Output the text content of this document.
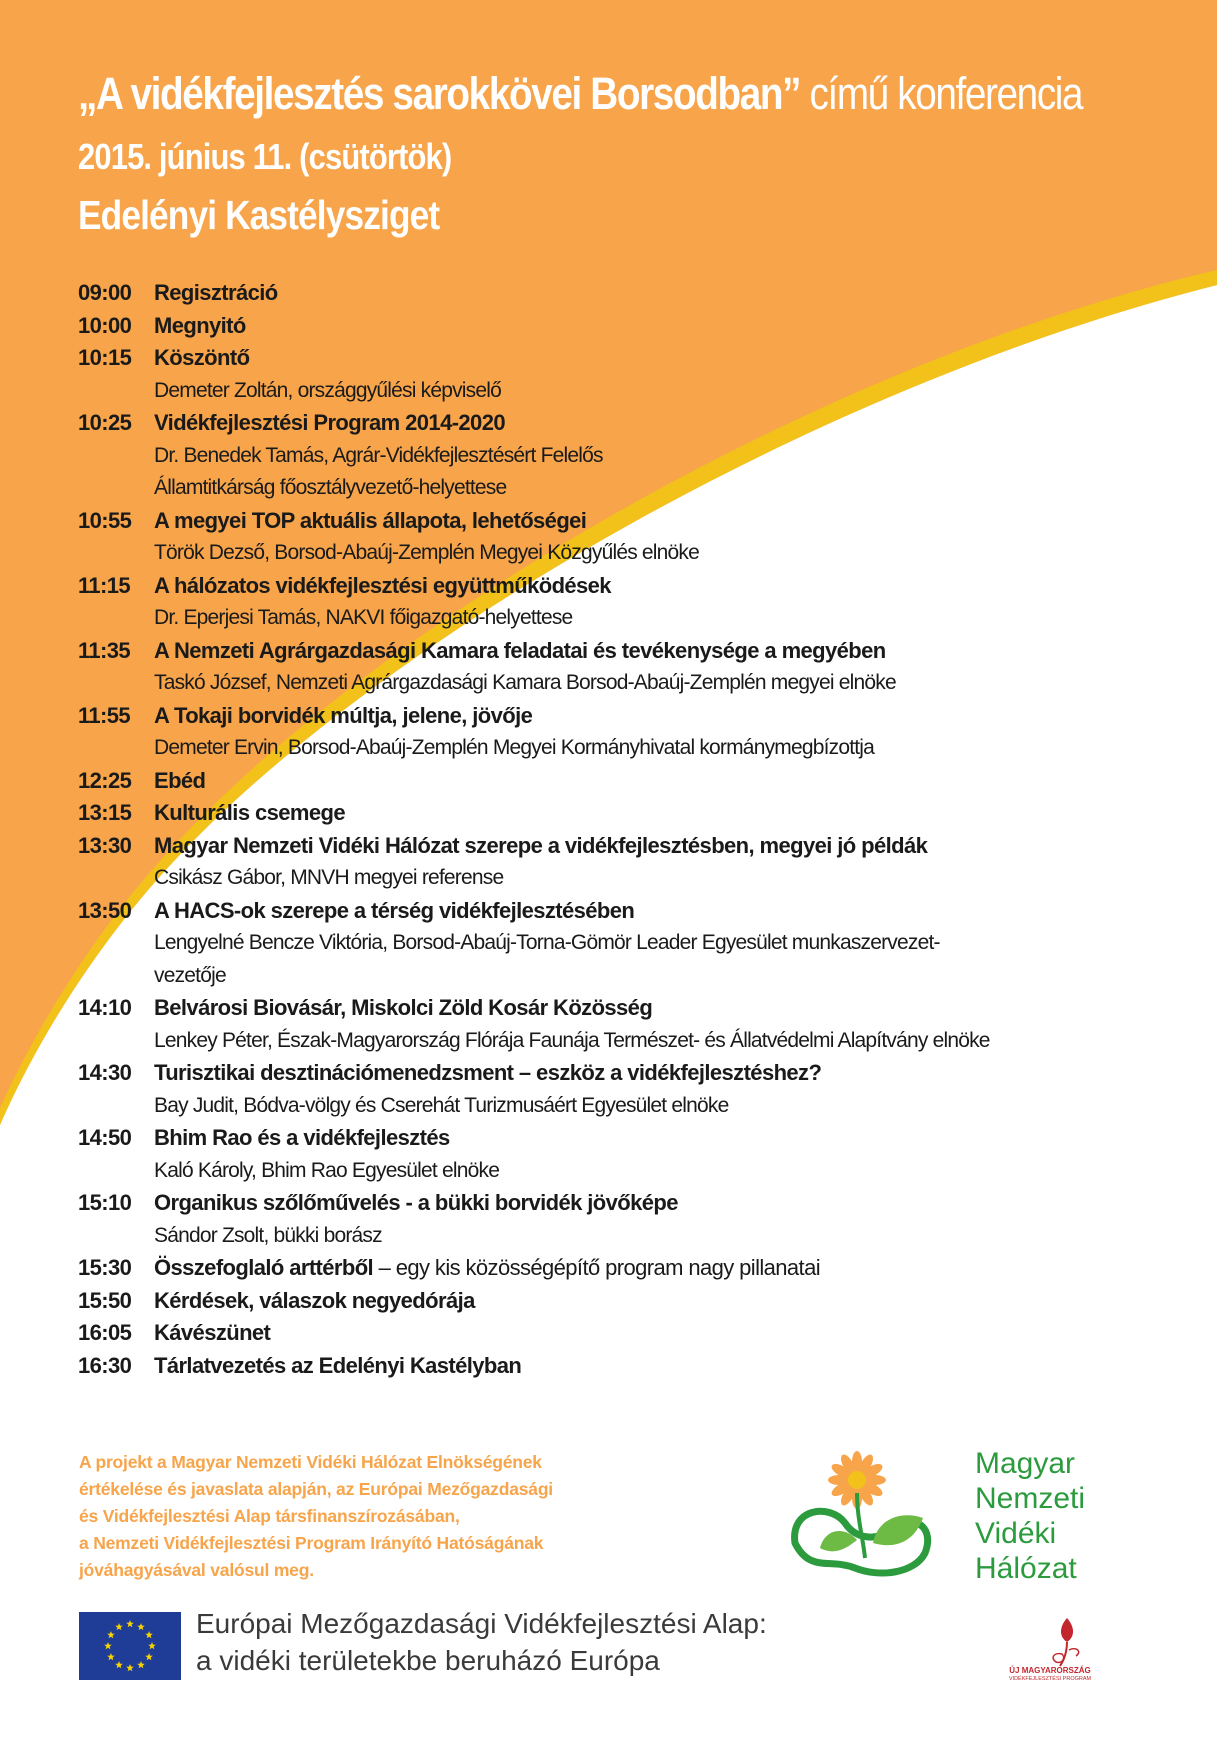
„A vidékfejlesztés sarokkövei Borsodban” című konferencia
2015. június 11. (csütörtök)
Edelényi Kastélysziget
09:00	Regisztráció
10:00	Megnyitó
10:15	Köszöntő
Demeter Zoltán, országgyűlési képviselő
10:25	Vidékfejlesztési Program 2014-2020
Dr. Benedek Tamás, Agrár-Vidékfejlesztésért Felelős
Államtitkárság főosztályvezető-helyettese
10:55	A megyei TOP aktuális állapota, lehetőségei
Török Dezső, Borsod-Abaúj-Zemplén Megyei Közgyűlés elnöke
11:15	A hálózatos vidékfejlesztési együttműködések
Dr. Eperjesi Tamás, NAKVI főigazgató-helyettese
11:35	A Nemzeti Agrárgazdasági Kamara feladatai és tevékenysége a megyében
Taskó József, Nemzeti Agrárgazdasági Kamara Borsod-Abaúj-Zemplén megyei elnöke
11:55	A Tokaji borvidék múltja, jelene, jövője
Demeter Ervin, Borsod-Abaúj-Zemplén Megyei Kormányhivatal kormánymegbízottja
12:25	Ebéd
13:15	Kulturális csemege
13:30	Magyar Nemzeti Vidéki Hálózat szerepe a vidékfejlesztésben, megyei jó példák
Csikász Gábor, MNVH megyei referense
13:50	A HACS-ok szerepe a térség vidékfejlesztésében
Lengyelné Bencze Viktória, Borsod-Abaúj-Torna-Gömör Leader Egyesület munkaszervezet-
vezetője
14:10	Belvárosi Biovásár, Miskolci Zöld Kosár Közösség
Lenkey Péter, Észak-Magyarország Flórája Faunája Természet- és Állatvédelmi Alapítvány elnöke
14:30	Turisztikai desztinációmenedzsment – eszköz a vidékfejlesztéshez?
Bay Judit, Bódva-völgy és Cserehát Turizmusáért Egyesület elnöke
14:50	Bhim Rao és a vidékfejlesztés
Kaló Károly, Bhim Rao Egyesület elnöke
15:10	Organikus szőlőművelés - a bükki borvidék jövőképe
Sándor Zsolt, bükki borász
15:30	Összefoglaló arttérből – egy kis közösségépítő program nagy pillanatai
15:50	Kérdések, válaszok negyedórája
16:05	Kávészünet
16:30	Tárlatvezetés az Edelényi Kastélyban
A projekt a Magyar Nemzeti Vidéki Hálózat Elnökségének
értékelése és javaslata alapján, az Európai Mezőgazdasági
és Vidékfejlesztési Alap társfinanszírozásában,
a Nemzeti Vidékfejlesztési Program Irányító Hatóságának
jóváhagyásával valósul meg.
Európai Mezőgazdasági Vidékfejlesztési Alap:
a vidéki területekbe beruházó Európa
Magyar
Nemzeti
Vidéki
Hálózat
ÚJ MAGYARORSZÁG
VIDÉKFEJLESZTÉSI PROGRAM
